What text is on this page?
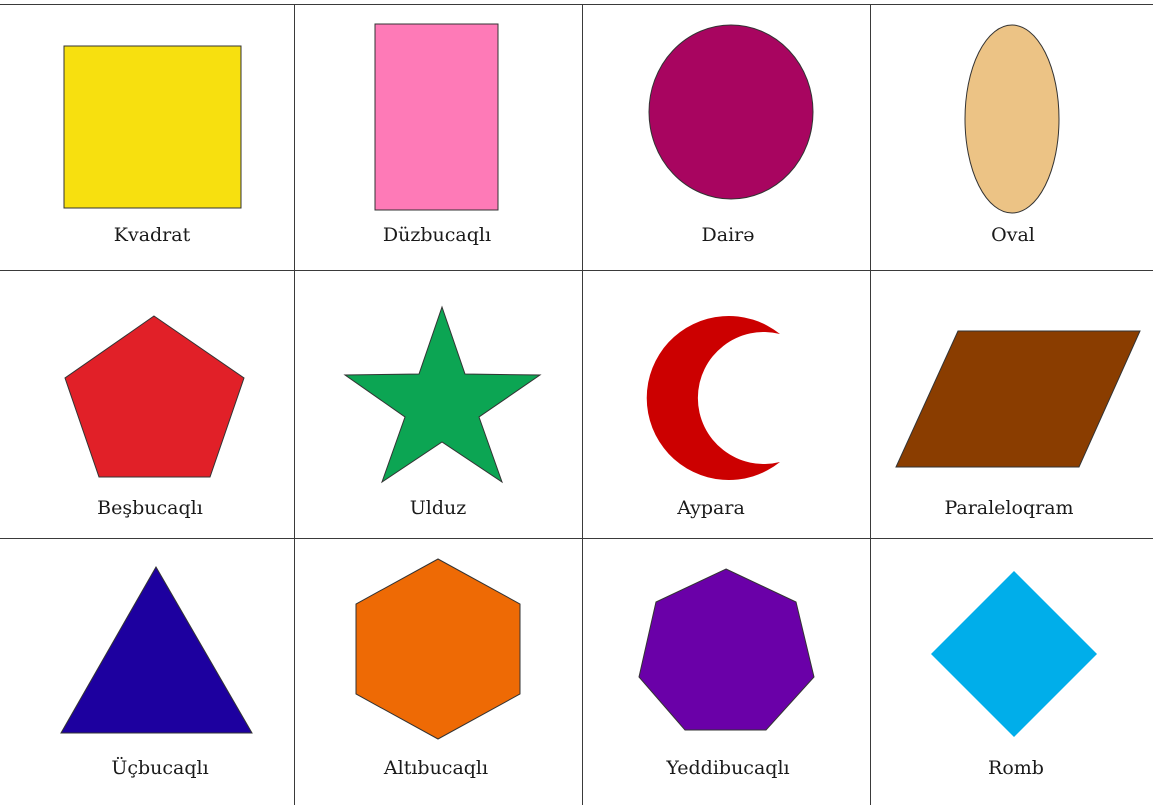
Kvadrat	Düzbucaqlı	Dairə	Oval
Beşbucaqlı	Ulduz	Aypara	Paraleloqram
Üçbucaqlı	Altıbucaqlı	Yeddibucaqlı	Romb
